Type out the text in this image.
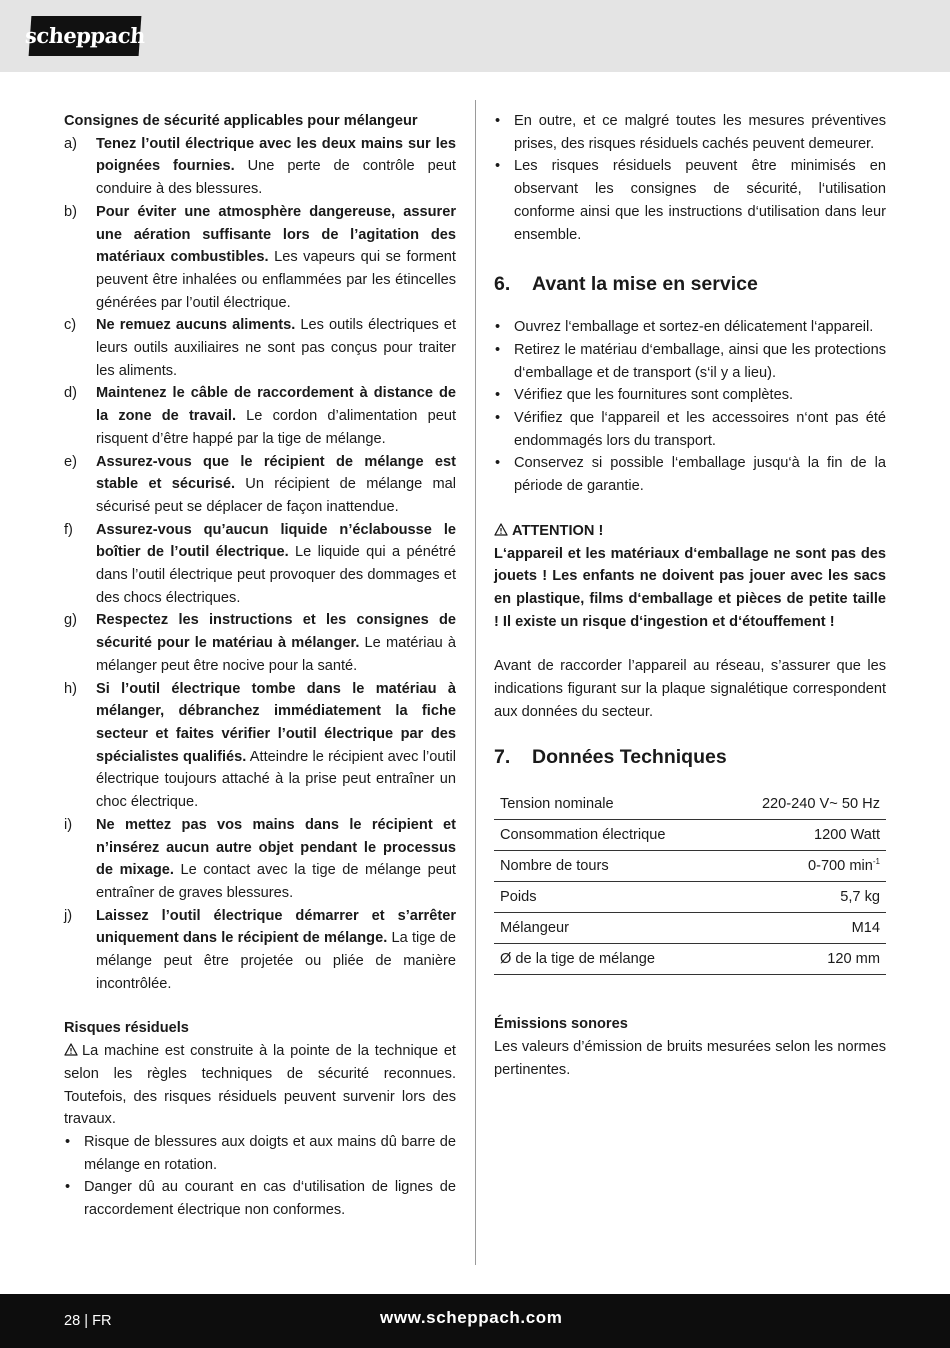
scheppach

Consignes de sécurité applicables pour mélangeur

a)	Tenez l’outil électrique avec les deux mains sur les poignées fournies. Une perte de contrôle peut conduire à des blessures.
b)	Pour éviter une atmosphère dangereuse, assurer une aération suffisante lors de l’agitation des matériaux combustibles. Les vapeurs qui se forment peuvent être inhalées ou enflammées par les étincelles générées par l’outil électrique.
c)	Ne remuez aucuns aliments. Les outils électriques et leurs outils auxiliaires ne sont pas conçus pour traiter les aliments.
d)	Maintenez le câble de raccordement à distance de la zone de travail. Le cordon d’alimentation peut risquent d’être happé par la tige de mélange.
e)	Assurez-vous que le récipient de mélange est stable et sécurisé. Un récipient de mélange mal sécurisé peut se déplacer de façon inattendue.
f)	Assurez-vous qu’aucun liquide n’éclabousse le boîtier de l’outil électrique. Le liquide qui a pénétré dans l’outil électrique peut provoquer des dommages et des chocs électriques.
g)	Respectez les instructions et les consignes de sécurité pour le matériau à mélanger. Le matériau à mélanger peut être nocive pour la santé.
h)	Si l’outil électrique tombe dans le matériau à mélanger, débranchez immédiatement la fiche secteur et faites vérifier l’outil électrique par des spécialistes qualifiés. Atteindre le récipient avec l’outil électrique toujours attaché à la prise peut entraîner un choc électrique.
i)	Ne mettez pas vos mains dans le récipient et n’insérez aucun autre objet pendant le processus de mixage. Le contact avec la tige de mélange peut entraîner de graves blessures.
j)	Laissez l’outil électrique démarrer et s’arrêter uniquement dans le récipient de mélange. La tige de mélange peut être projetée ou pliée de manière incontrôlée.

Risques résiduels

La machine est construite à la pointe de la technique et selon les règles techniques de sécurité reconnues. Toutefois, des risques résiduels peuvent survenir lors des travaux.

• Risque de blessures aux doigts et aux mains dû barre de mélange en rotation.
• Danger dû au courant en cas d‘utilisation de lignes de raccordement électrique non conformes.
• En outre, et ce malgré toutes les mesures préventives prises, des risques résiduels cachés peuvent demeurer.
• Les risques résiduels peuvent être minimisés en observant les consignes de sécurité, l‘utilisation conforme ainsi que les instructions d‘utilisation dans leur ensemble.
6.	Avant la mise en service
• Ouvrez l‘emballage et sortez-en délicatement l‘appareil.
• Retirez le matériau d‘emballage, ainsi que les protections d‘emballage et de transport (s‘il y a lieu).
• Vérifiez que les fournitures sont complètes.
• Vérifiez que l‘appareil et les accessoires n‘ont pas été endommagés lors du transport.
• Conservez si possible l‘emballage jusqu‘à la fin de la période de garantie.

ATTENTION !

L‘appareil et les matériaux d‘emballage ne sont pas des jouets ! Les enfants ne doivent pas jouer avec les sacs en plastique, films d‘emballage et pièces de petite taille ! Il existe un risque d‘ingestion et d‘étouffement !

Avant de raccorder l’appareil au réseau, s’assurer que les indications figurant sur la plaque signalétique correspondent aux données du secteur.

7.	Données Techniques
Tension nominale	220-240 V~ 50 Hz
Consommation électrique	1200 Watt
Nombre de tours	0-700 $\min^{-1}$
Poids	5,7 kg
Mélangeur	M14
Ø de la tige de mélange	120 mm

Émissions sonores

Les valeurs d’émission de bruits mesurées selon les normes pertinentes.

28 | FR	www.scheppach.com
